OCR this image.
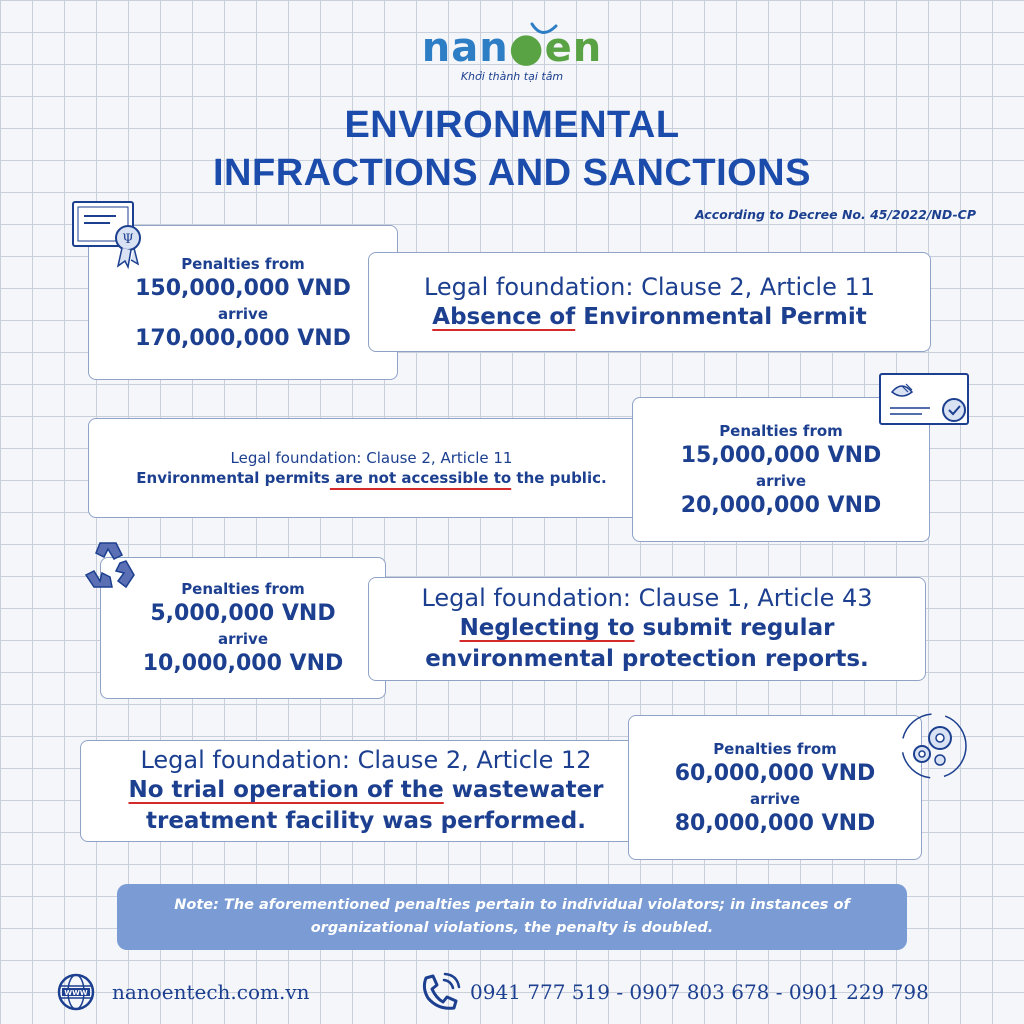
nan●en
Khởi thành tại tâm
ENVIRONMENTAL
INFRACTIONS AND SANCTIONS
According to Decree No. 45/2022/ND-CP
Penalties from
150,000,000 VND
arrive
170,000,000 VND
Ψ
Legal foundation: Clause 2, Article 11
Absence of Environmental Permit
Legal foundation: Clause 2, Article 11
Environmental permits are not accessible to the public.
Penalties from
15,000,000 VND
arrive
20,000,000 VND
Penalties from
5,000,000 VND
arrive
10,000,000 VND
Legal foundation: Clause 1, Article 43
Neglecting to submit regular environmental protection reports.
Legal foundation: Clause 2, Article 12
No trial operation of the wastewater treatment facility was performed.
Penalties from
60,000,000 VND
arrive
80,000,000 VND
Note: The aforementioned penalties pertain to individual violators; in instances of organizational violations, the penalty is doubled.
WWW nanoentech.com.vn	0941 777 519 - 0907 803 678 - 0901 229 798
